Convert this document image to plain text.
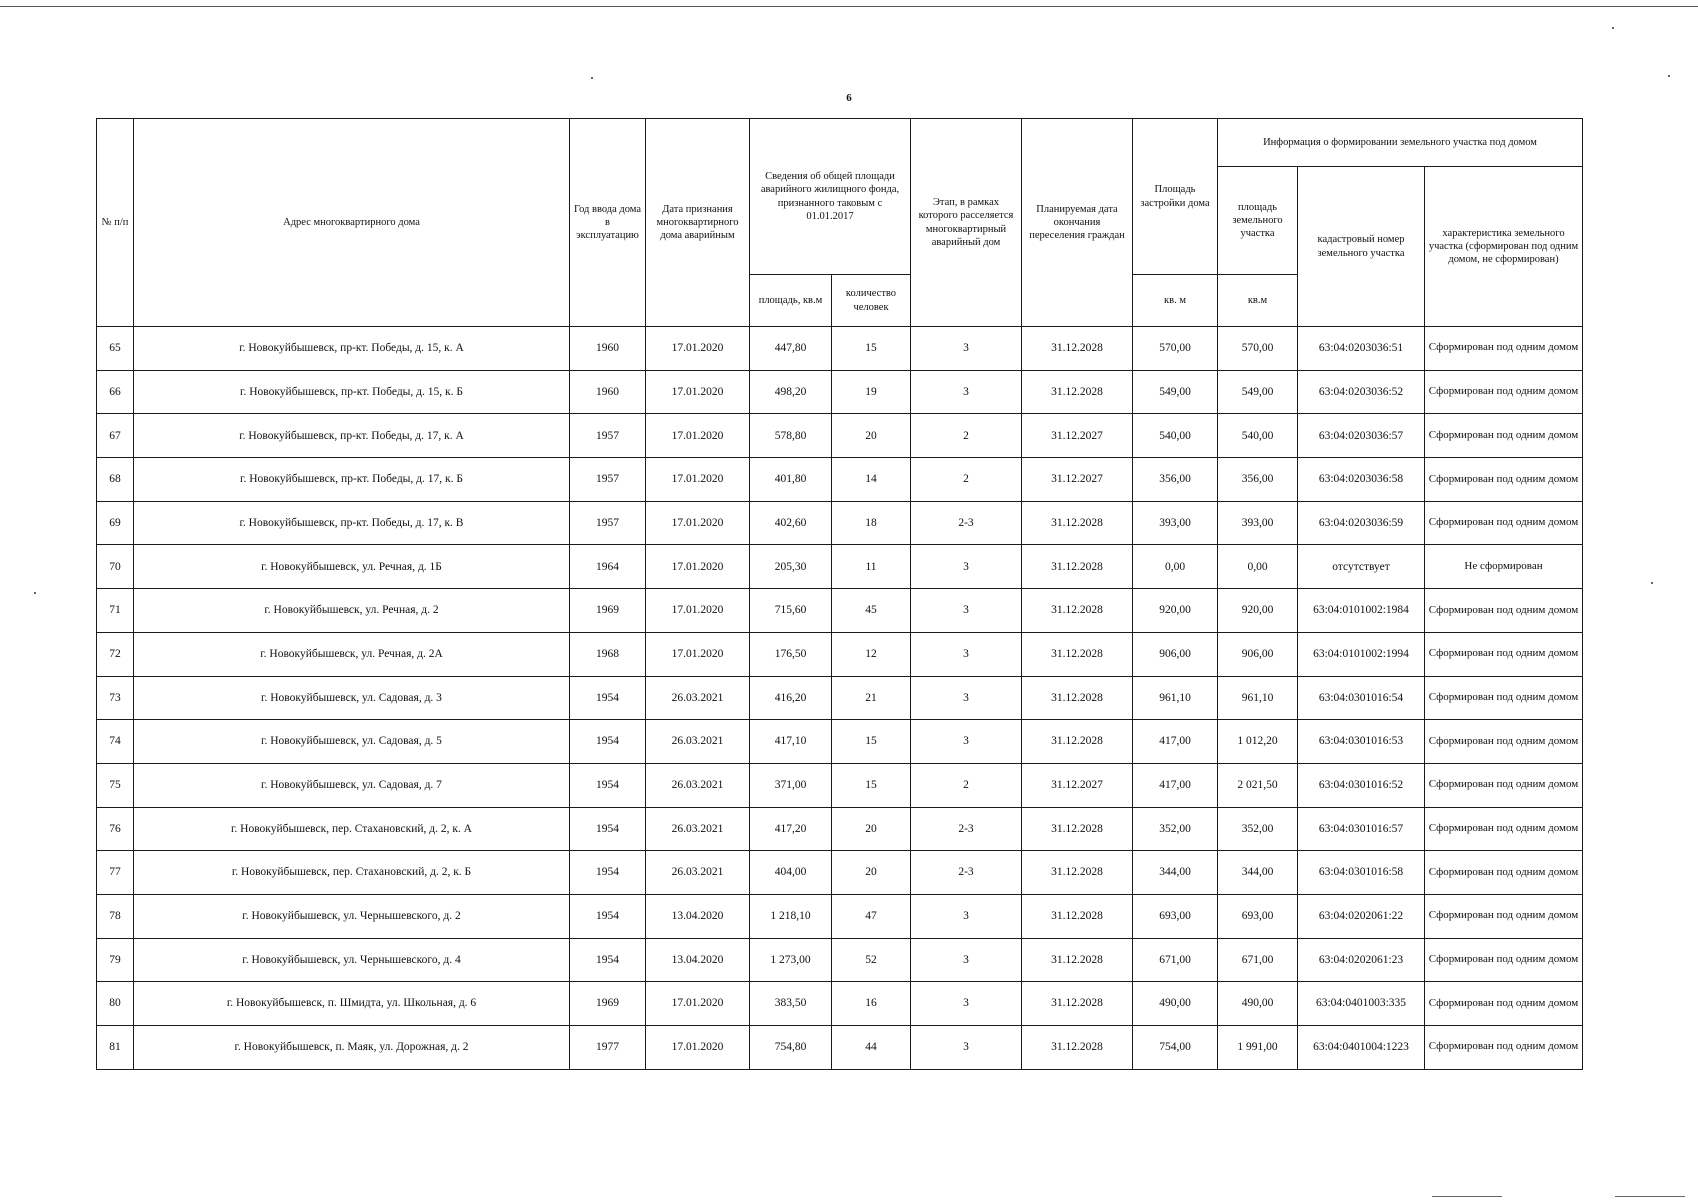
6
№ п/п	Адрес многоквартирного дома	Год ввода дома в эксплуатацию	Дата признания многоквартирного дома аварийным	Сведения об общей площади аварийного жилищного фонда, признанного таковым с 01.01.2017		Этап, в рамках которого расселяется многоквартирный аварийный дом	Планируемая дата окончания переселения граждан	Площадь застройки дома	Информация о формировании земельного участка под домом		
									площадь земельного участка	кадастровый номер земельного участка	характеристика земельного участка (сформирован под одним домом, не сформирован)
				площадь, кв.м	количество человек			кв. м	кв.м		
65	г. Новокуйбышевск, пр-кт. Победы, д. 15, к. А	1960	17.01.2020	447,80	15	3	31.12.2028	570,00	570,00	63:04:0203036:51	Сформирован под одним домом
66	г. Новокуйбышевск, пр-кт. Победы, д. 15, к. Б	1960	17.01.2020	498,20	19	3	31.12.2028	549,00	549,00	63:04:0203036:52	Сформирован под одним домом
67	г. Новокуйбышевск, пр-кт. Победы, д. 17, к. А	1957	17.01.2020	578,80	20	2	31.12.2027	540,00	540,00	63:04:0203036:57	Сформирован под одним домом
68	г. Новокуйбышевск, пр-кт. Победы, д. 17, к. Б	1957	17.01.2020	401,80	14	2	31.12.2027	356,00	356,00	63:04:0203036:58	Сформирован под одним домом
69	г. Новокуйбышевск, пр-кт. Победы, д. 17, к. В	1957	17.01.2020	402,60	18	2-3	31.12.2028	393,00	393,00	63:04:0203036:59	Сформирован под одним домом
70	г. Новокуйбышевск, ул. Речная, д. 1Б	1964	17.01.2020	205,30	11	3	31.12.2028	0,00	0,00	отсутствует	Не сформирован
71	г. Новокуйбышевск, ул. Речная, д. 2	1969	17.01.2020	715,60	45	3	31.12.2028	920,00	920,00	63:04:0101002:1984	Сформирован под одним домом
72	г. Новокуйбышевск, ул. Речная, д. 2А	1968	17.01.2020	176,50	12	3	31.12.2028	906,00	906,00	63:04:0101002:1994	Сформирован под одним домом
73	г. Новокуйбышевск, ул. Садовая, д. 3	1954	26.03.2021	416,20	21	3	31.12.2028	961,10	961,10	63:04:0301016:54	Сформирован под одним домом
74	г. Новокуйбышевск, ул. Садовая, д. 5	1954	26.03.2021	417,10	15	3	31.12.2028	417,00	1 012,20	63:04:0301016:53	Сформирован под одним домом
75	г. Новокуйбышевск, ул. Садовая, д. 7	1954	26.03.2021	371,00	15	2	31.12.2027	417,00	2 021,50	63:04:0301016:52	Сформирован под одним домом
76	г. Новокуйбышевск, пер. Стахановский, д. 2, к. А	1954	26.03.2021	417,20	20	2-3	31.12.2028	352,00	352,00	63:04:0301016:57	Сформирован под одним домом
77	г. Новокуйбышевск, пер. Стахановский, д. 2, к. Б	1954	26.03.2021	404,00	20	2-3	31.12.2028	344,00	344,00	63:04:0301016:58	Сформирован под одним домом
78	г. Новокуйбышевск, ул. Чернышевского, д. 2	1954	13.04.2020	1 218,10	47	3	31.12.2028	693,00	693,00	63:04:0202061:22	Сформирован под одним домом
79	г. Новокуйбышевск, ул. Чернышевского, д. 4	1954	13.04.2020	1 273,00	52	3	31.12.2028	671,00	671,00	63:04:0202061:23	Сформирован под одним домом
80	г. Новокуйбышевск, п. Шмидта, ул. Школьная, д. 6	1969	17.01.2020	383,50	16	3	31.12.2028	490,00	490,00	63:04:0401003:335	Сформирован под одним домом
81	г. Новокуйбышевск, п. Маяк, ул. Дорожная, д. 2	1977	17.01.2020	754,80	44	3	31.12.2028	754,00	1 991,00	63:04:0401004:1223	Сформирован под одним домом
